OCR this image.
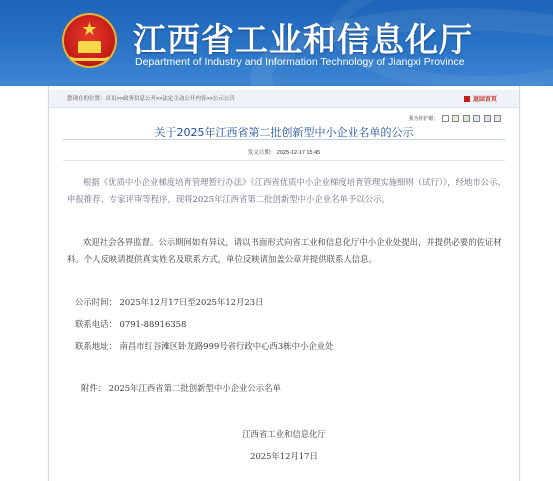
★	江西省工业和信息化厅
Department of Industry and Information Technology of Jiangxi Province
您现在的位置：首页>>政务信息公开>>法定主动公开内容>>公示公告	返回首页
我为你护眼：
关于2025年江西省第二批创新型中小企业名单的公示
发文日期： 2025-12-17 15:45
根据《优质中小企业梯度培育管理暂行办法》《江西省优质中小企业梯度培育管理实施细则（试行）》，经地市公示、申报推荐、专家评审等程序，现将2025年江西省第二批创新型中小企业名单予以公示。
欢迎社会各界监督。公示期间如有异议，请以书面形式向省工业和信息化厅中小企业处提出，并提供必要的佐证材料。个人反映请提供真实姓名及联系方式，单位反映请加盖公章并提供联系人信息。
公示时间： 2025年12月17日至2025年12月23日
联系电话： 0791-88916358
联系地址： 南昌市红谷滩区卧龙路999号省行政中心西3栋中小企业处
附件： 2025年江西省第二批创新型中小企业公示名单
江西省工业和信息化厅
2025年12月17日
